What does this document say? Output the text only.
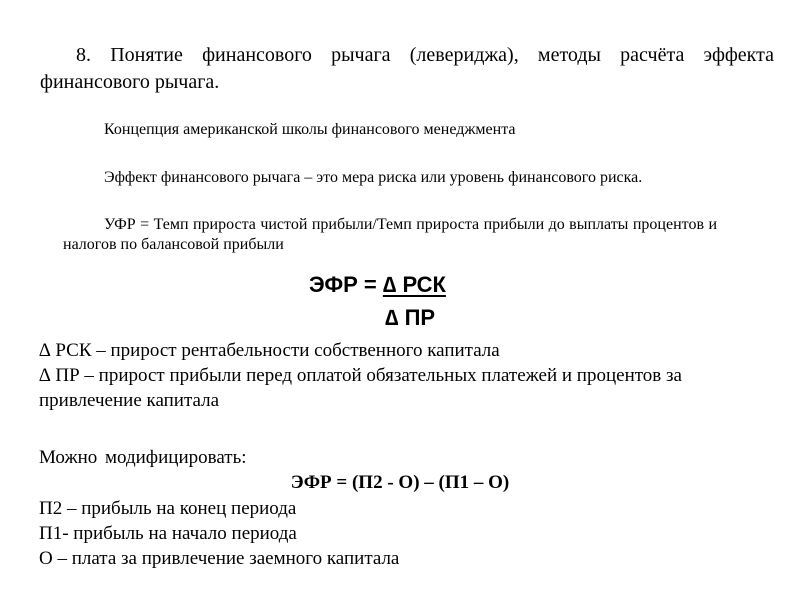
8. Понятие финансового рычага (левериджа), методы расчёта эффекта финансового рычага.

Концепция американской школы финансового менеджмента

Эффект финансового рычага – это мера риска или уровень финансового риска.

УФР = Темп прироста чистой прибыли/Темп прироста прибыли до выплаты процентов и налогов по балансовой прибыли

ЭФР = ∆ РСК
∆ ПР

∆ РСК – прирост рентабельности собственного капитала

∆ ПР – прирост прибыли перед оплатой обязательных платежей и процентов за привлечение капитала

Можно модифицировать:

ЭФР = (П2 - О) – (П1 – О)

П2 – прибыль на конец периода

П1- прибыль на начало периода

О – плата за привлечение заемного капитала
